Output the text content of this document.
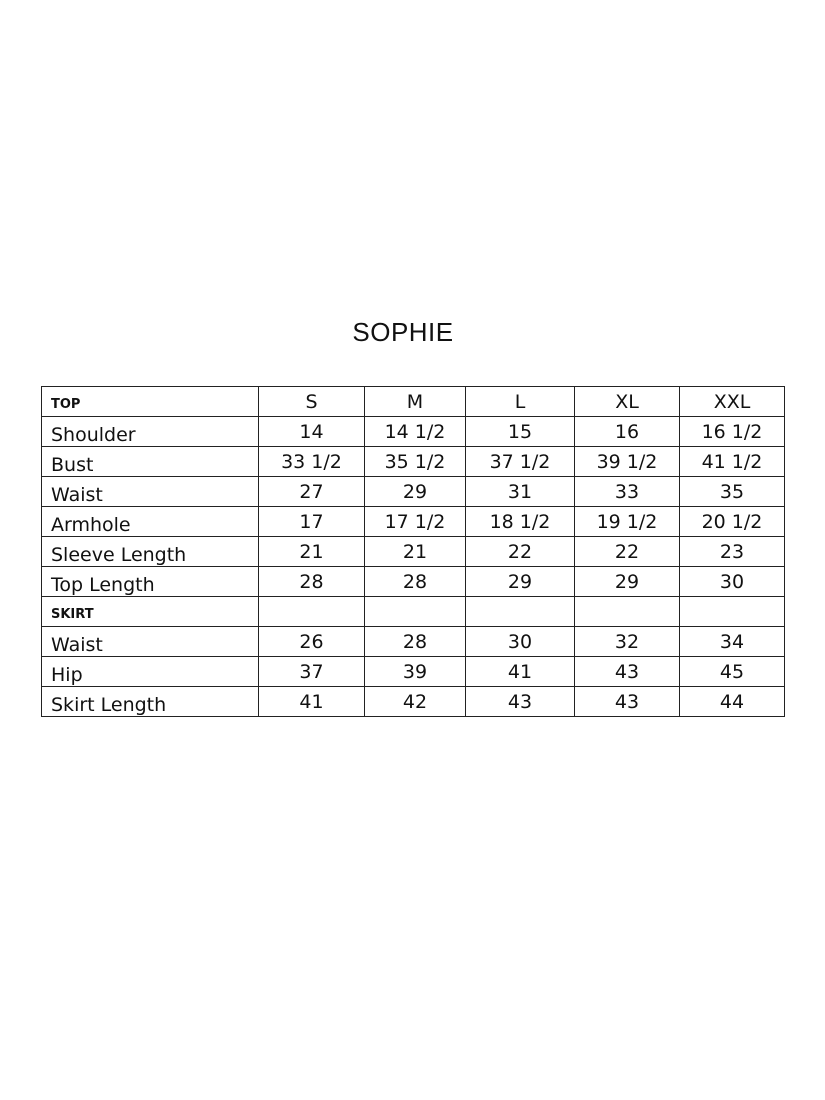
SOPHIE
TOP	S	M	L	XL	XXL
Shoulder	14	14 1/2	15	16	16 1/2
Bust	33 1/2	35 1/2	37 1/2	39 1/2	41 1/2
Waist	27	29	31	33	35
Armhole	17	17 1/2	18 1/2	19 1/2	20 1/2
Sleeve Length	21	21	22	22	23
Top Length	28	28	29	29	30
SKIRT					
Waist	26	28	30	32	34
Hip	37	39	41	43	45
Skirt Length	41	42	43	43	44
